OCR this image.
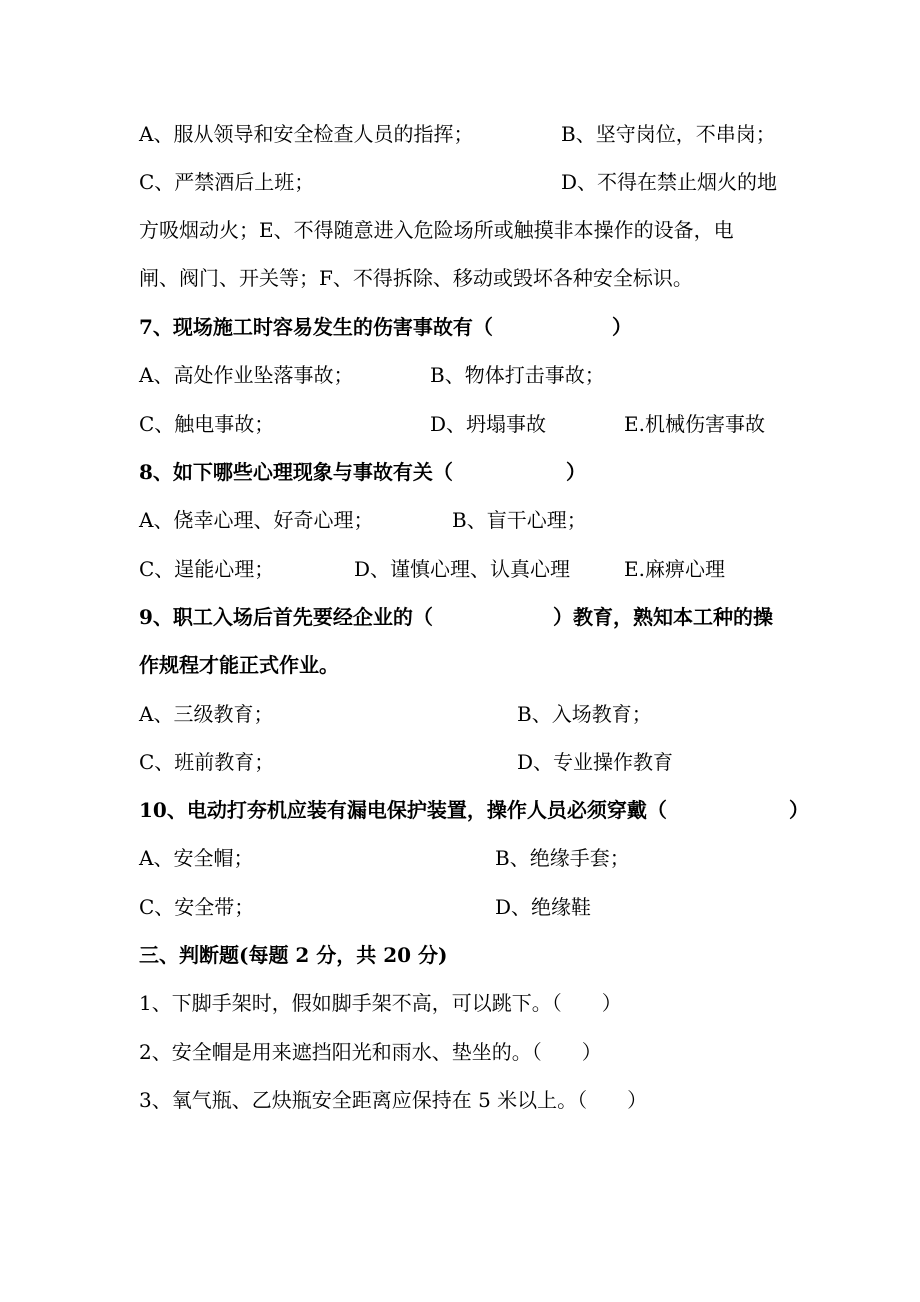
A、服从领导和安全检查人员的指挥；	B、坚守岗位，不串岗；
C、严禁酒后上班；	D、不得在禁止烟火的地
方吸烟动火；E、不得随意进入危险场所或触摸非本操作的设备，电
闸、阀门、开关等；F、不得拆除、移动或毁坏各种安全标识。
7、现场施工时容易发生的伤害事故有（	）
A、高处作业坠落事故；	B、物体打击事故；
C、触电事故；	D、坍塌事故	E.机械伤害事故
8、如下哪些心理现象与事故有关（	）
A、侥幸心理、好奇心理；	B、盲干心理；
C、逞能心理；	D、谨慎心理、认真心理	E.麻痹心理
9、职工入场后首先要经企业的（	）教育，熟知本工种的操
作规程才能正式作业。
A、三级教育；	B、入场教育；
C、班前教育；	D、专业操作教育
10、电动打夯机应装有漏电保护装置，操作人员必须穿戴（	）
A、安全帽；	B、绝缘手套；
C、安全带；	D、绝缘鞋
三、判断题(每题 2 分，共 20 分)
1、下脚手架时，假如脚手架不高，可以跳下。（　　）
2、安全帽是用来遮挡阳光和雨水、垫坐的。（　　）
3、氧气瓶、乙炔瓶安全距离应保持在 5 米以上。（　　）
